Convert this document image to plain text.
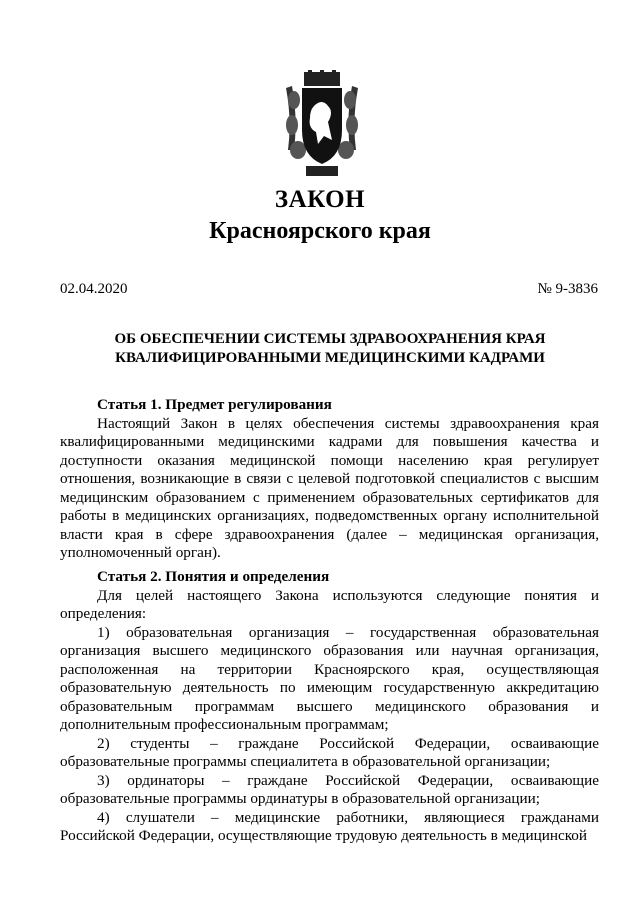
ЗАКОН
Красноярского края
02.04.2020	№ 9-3836
ОБ ОБЕСПЕЧЕНИИ СИСТЕМЫ ЗДРАВООХРАНЕНИЯ КРАЯ
КВАЛИФИЦИРОВАННЫМИ МЕДИЦИНСКИМИ КАДРАМИ
Статья 1. Предмет регулирования

Настоящий Закон в целях обеспечения системы здравоохранения края квалифицированными медицинскими кадрами для повышения качества и доступности оказания медицинской помощи населению края регулирует отношения, возникающие в связи с целевой подготовкой специалистов с высшим медицинским образованием с применением образовательных сертификатов для работы в медицинских организациях, подведомственных органу исполнительной власти края в сфере здравоохранения (далее – медицинская организация, уполномоченный орган).

Статья 2. Понятия и определения

Для целей настоящего Закона используются следующие понятия и определения:

1) образовательная организация – государственная образовательная организация высшего медицинского образования или научная организация, расположенная на территории Красноярского края, осуществляющая образовательную деятельность по имеющим государственную аккредитацию образовательным программам высшего медицинского образования и дополнительным профессиональным программам;

2) студенты – граждане Российской Федерации, осваивающие образовательные программы специалитета в образовательной организации;

3) ординаторы – граждане Российской Федерации, осваивающие образовательные программы ординатуры в образовательной организации;

4) слушатели – медицинские работники, являющиеся гражданами Российской Федерации, осуществляющие трудовую деятельность в медицинской
